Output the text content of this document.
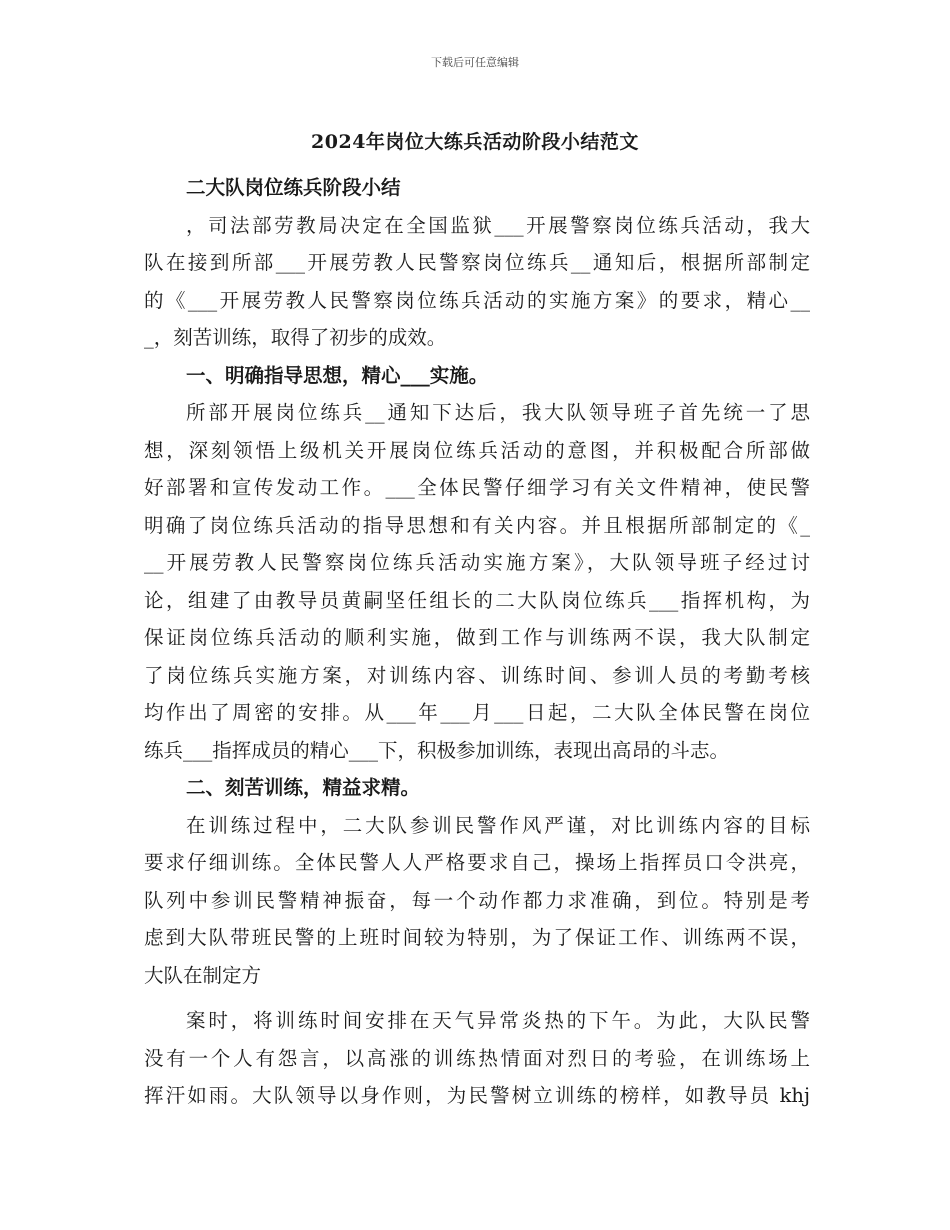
下载后可任意编辑
2024年岗位大练兵活动阶段小结范文
二大队岗位练兵阶段小结
，司法部劳教局决定在全国监狱___开展警察岗位练兵活动，我大
队在接到所部___开展劳教人民警察岗位练兵__通知后，根据所部制定
的《___开展劳教人民警察岗位练兵活动的实施方案》的要求，精心__
_，刻苦训练，取得了初步的成效。
一、明确指导思想，精心___实施。
所部开展岗位练兵__通知下达后，我大队领导班子首先统一了思
想，深刻领悟上级机关开展岗位练兵活动的意图，并积极配合所部做
好部署和宣传发动工作。___全体民警仔细学习有关文件精神，使民警
明确了岗位练兵活动的指导思想和有关内容。并且根据所部制定的《_
__开展劳教人民警察岗位练兵活动实施方案》，大队领导班子经过讨
论，组建了由教导员黄嗣坚任组长的二大队岗位练兵___指挥机构，为
保证岗位练兵活动的顺利实施，做到工作与训练两不误，我大队制定
了岗位练兵实施方案，对训练内容、训练时间、参训人员的考勤考核
均作出了周密的安排。从___年___月___日起，二大队全体民警在岗位
练兵___指挥成员的精心___下，积极参加训练，表现出高昂的斗志。
二、刻苦训练，精益求精。
在训练过程中，二大队参训民警作风严谨，对比训练内容的目标
要求仔细训练。全体民警人人严格要求自己，操场上指挥员口令洪亮，
队列中参训民警精神振奋，每一个动作都力求准确，到位。特别是考
虑到大队带班民警的上班时间较为特别，为了保证工作、训练两不误，
大队在制定方
案时，将训练时间安排在天气异常炎热的下午。为此，大队民警
没有一个人有怨言，以高涨的训练热情面对烈日的考验，在训练场上
挥汗如雨。大队领导以身作则，为民警树立训练的榜样，如教导员 khj
